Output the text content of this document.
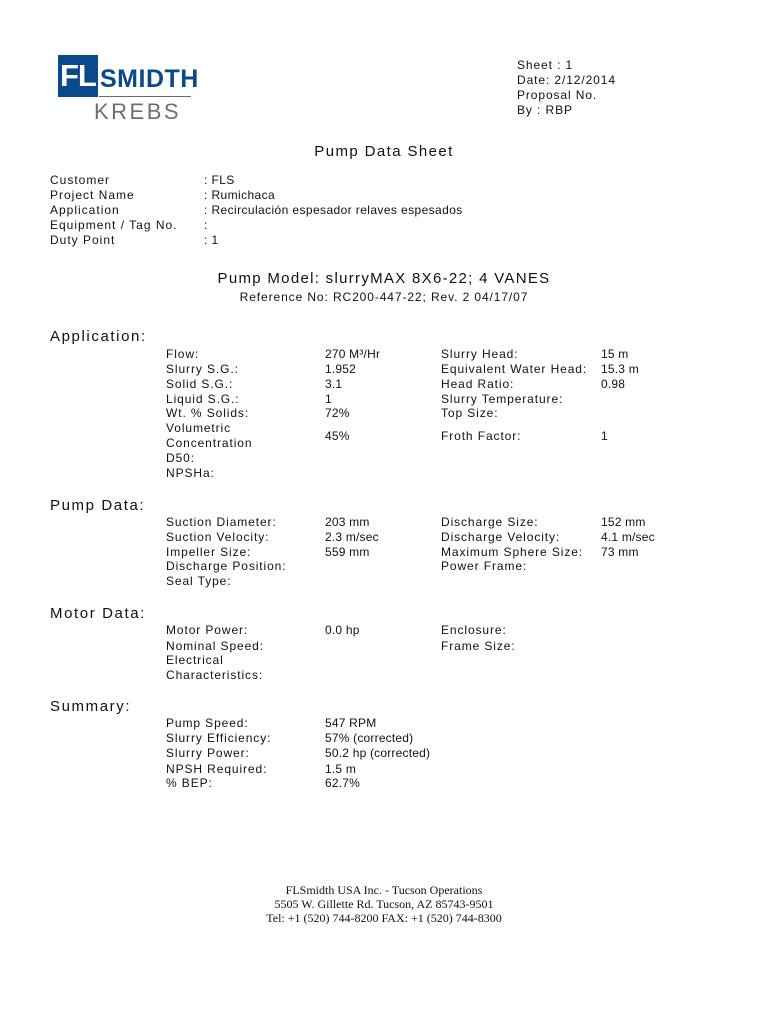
FL SMIDTH
KREBS
Sheet : 1
Date: 2/12/2014
Proposal No.
By : RBP
Pump Data Sheet
Customer	: FLS
Project Name	: Rumichaca
Application	: Recirculación espesador relaves espesados
Equipment / Tag No. :
Duty Point	: 1
Pump Model: slurryMAX 8X6-22; 4 VANES
Reference No: RC200-447-22; Rev. 2 04/17/07
Application:
Flow:	270 M³/Hr	Slurry Head:	15 m
Slurry S.G.:	1.952	Equivalent Water Head: 15.3 m
Solid S.G.:	3.1	Head Ratio:	0.98
Liquid S.G.:	1	Slurry Temperature:
Wt. % Solids:	72%	Top Size:
Volumetric
Concentration	45%	Froth Factor:	1
D50:
NPSHa:
Pump Data:
Suction Diameter:	203 mm	Discharge Size:	152 mm
Suction Velocity:	2.3 m/sec	Discharge Velocity:	4.1 m/sec
Impeller Size:	559 mm	Maximum Sphere Size: 73 mm
Discharge Position:	Power Frame:
Seal Type:
Motor Data:
Motor Power:	0.0 hp	Enclosure:
Nominal Speed:	Frame Size:
Electrical
Characteristics:
Summary:
Pump Speed:	547 RPM
Slurry Efficiency:	57% (corrected)
Slurry Power:	50.2 hp (corrected)
NPSH Required:	1.5 m
% BEP:	62.7%
FLSmidth USA Inc. - Tucson Operations
5505 W. Gillette Rd. Tucson, AZ 85743-9501
Tel: +1 (520) 744-8200 FAX: +1 (520) 744-8300
